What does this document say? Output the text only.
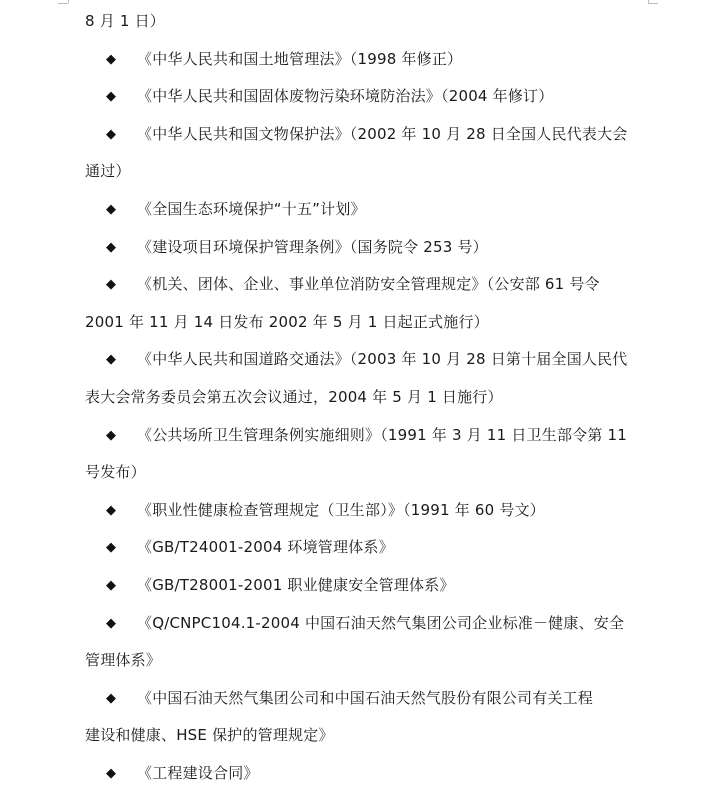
8 月 1 日）
◆ 《中华人民共和国土地管理法》（1998 年修正）
◆ 《中华人民共和国固体废物污染环境防治法》（2004 年修订）
◆ 《中华人民共和国文物保护法》（2002 年 10 月 28 日全国人民代表大会
通过）
◆ 《全国生态环境保护“十五”计划》
◆ 《建设项目环境保护管理条例》（国务院令 253 号）
◆ 《机关、团体、企业、事业单位消防安全管理规定》（公安部 61 号令
2001 年 11 月 14 日发布 2002 年 5 月 1 日起正式施行）
◆ 《中华人民共和国道路交通法》（2003 年 10 月 28 日第十届全国人民代
表大会常务委员会第五次会议通过，2004 年 5 月 1 日施行）
◆ 《公共场所卫生管理条例实施细则》（1991 年 3 月 11 日卫生部令第 11
号发布）
◆ 《职业性健康检查管理规定（卫生部）》（1991 年 60 号文）
◆ 《GB/T24001-2004 环境管理体系》
◆ 《GB/T28001-2001 职业健康安全管理体系》
◆ 《Q/CNPC104.1-2004 中国石油天然气集团公司企业标准－健康、安全
管理体系》
◆ 《中国石油天然气集团公司和中国石油天然气股份有限公司有关工程
建设和健康、HSE 保护的管理规定》
◆ 《工程建设合同》
